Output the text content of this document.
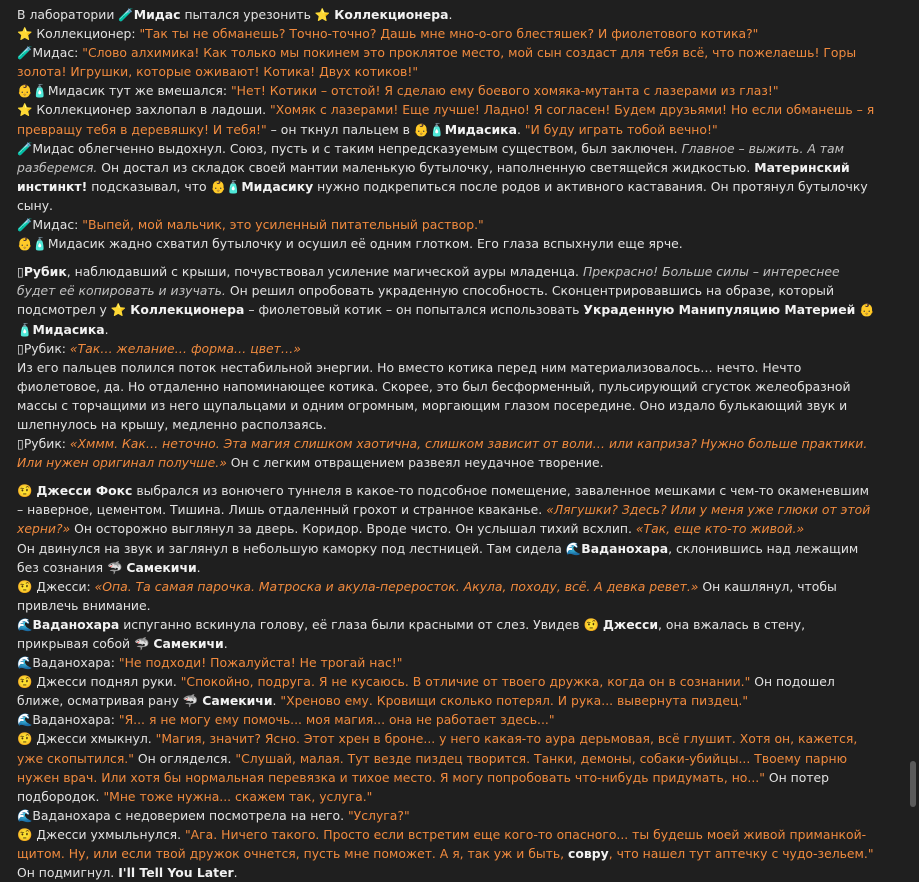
В лаборатории 🧪Мидас пытался урезонить ⭐ Коллекционера.

⭐ Коллекционер: "Так ты не обманешь? Точно-точно? Дашь мне мно-о-ого блестяшек? И фиолетового котика?"

🧪Мидас: "Слово алхимика! Как только мы покинем это проклятое место, мой сын создаст для тебя всё, что пожелаешь! Горы золота! Игрушки, которые оживают! Котика! Двух котиков!"

👶🧴Мидасик тут же вмешался: "Нет! Котики – отстой! Я сделаю ему боевого хомяка-мутанта с лазерами из глаз!"

⭐ Коллекционер захлопал в ладоши. "Хомяк с лазерами! Еще лучше! Ладно! Я согласен! Будем друзьями! Но если обманешь – я превращу тебя в деревяшку! И тебя!" – он ткнул пальцем в 👶🧴Мидасика. "И буду играть тобой вечно!"

🧪Мидас облегченно выдохнул. Союз, пусть и с таким непредсказуемым существом, был заключен. Главное – выжить. А там разберемся. Он достал из складок своей мантии маленькую бутылочку, наполненную светящейся жидкостью. Материнский инстинкт! подсказывал, что 👶🧴Мидасику нужно подкрепиться после родов и активного каставания. Он протянул бутылочку сыну.

🧪Мидас: "Выпей, мой мальчик, это усиленный питательный раствор."

👶🧴Мидасик жадно схватил бутылочку и осушил её одним глотком. Его глаза вспыхнули еще ярче.

▯Рубик, наблюдавший с крыши, почувствовал усиление магической ауры младенца. Прекрасно! Больше силы – интереснее будет её копировать и изучать. Он решил опробовать украденную способность. Сконцентрировавшись на образе, который подсмотрел у ⭐ Коллекционера – фиолетовый котик – он попытался использовать Украденную Манипуляцию Материей 👶🧴Мидасика.

▯Рубик: «Так… желание… форма… цвет…»

Из его пальцев полился поток нестабильной энергии. Но вместо котика перед ним материализовалось… нечто. Нечто фиолетовое, да. Но отдаленно напоминающее котика. Скорее, это был бесформенный, пульсирующий сгусток желеобразной массы с торчащими из него щупальцами и одним огромным, моргающим глазом посередине. Оно издало булькающий звук и шлепнулось на крышу, медленно расползаясь.

▯Рубик: «Хммм. Как… неточно. Эта магия слишком хаотична, слишком зависит от воли… или каприза? Нужно больше практики. Или нужен оригинал получше.» Он с легким отвращением развеял неудачное творение.

🤨 Джесси Фокс выбрался из вонючего туннеля в какое-то подсобное помещение, заваленное мешками с чем-то окаменевшим – наверное, цементом. Тишина. Лишь отдаленный грохот и странное кваканье. «Лягушки? Здесь? Или у меня уже глюки от этой херни?» Он осторожно выглянул за дверь. Коридор. Вроде чисто. Он услышал тихий всхлип. «Так, еще кто-то живой.»

Он двинулся на звук и заглянул в небольшую каморку под лестницей. Там сидела 🌊Ваданохара, склонившись над лежащим без сознания 🦈 Самекичи.

🤨 Джесси: «Опа. Та самая парочка. Матроска и акула-переросток. Акула, походу, всё. А девка ревет.» Он кашлянул, чтобы привлечь внимание.

🌊Ваданохара испуганно вскинула голову, её глаза были красными от слез. Увидев 🤨 Джесси, она вжалась в стену, прикрывая собой 🦈 Самекичи.

🌊Ваданохара: "Не подходи! Пожалуйста! Не трогай нас!"

🤨 Джесси поднял руки. "Спокойно, подруга. Я не кусаюсь. В отличие от твоего дружка, когда он в сознании." Он подошел ближе, осматривая рану 🦈 Самекичи. "Хреново ему. Кровищи сколько потерял. И рука... вывернута пиздец."

🌊Ваданохара: "Я... я не могу ему помочь... моя магия... она не работает здесь..."

🤨 Джесси хмыкнул. "Магия, значит? Ясно. Этот хрен в броне... у него какая-то аура дерьмовая, всё глушит. Хотя он, кажется, уже скопытился." Он огляделся. "Слушай, малая. Тут везде пиздец творится. Танки, демоны, собаки-убийцы... Твоему парню нужен врач. Или хотя бы нормальная перевязка и тихое место. Я могу попробовать что-нибудь придумать, но..." Он потер подбородок. "Мне тоже нужна... скажем так, услуга."

🌊Ваданохара с недоверием посмотрела на него. "Услуга?"

🤨 Джесси ухмыльнулся. "Ага. Ничего такого. Просто если встретим еще кого-то опасного... ты будешь моей живой приманкой-щитом. Ну, или если твой дружок очнется, пусть мне поможет. А я, так уж и быть, совру, что нашел тут аптечку с чудо-зельем." Он подмигнул. I'll Tell You Later.
